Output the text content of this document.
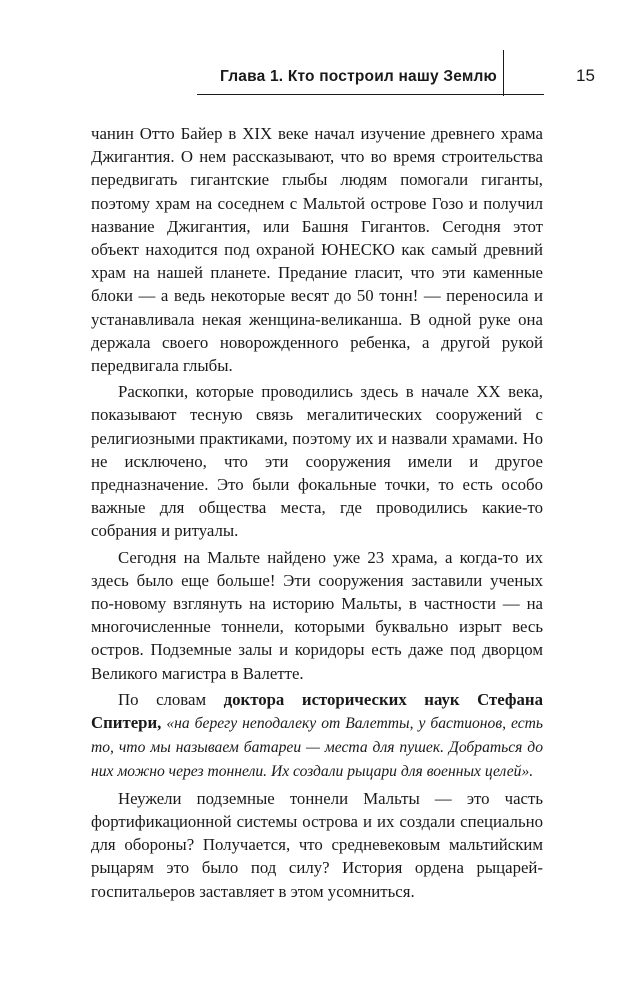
Глава 1. Кто построил нашу Землю	15

чанин Отто Байер в XIX веке начал изучение древнего храма Джигантия. О нем рассказывают, что во время строительства передвигать гигантские глыбы людям помогали гиганты, поэтому храм на соседнем с Мальтой острове Гозо и получил название Джигантия, или Башня Гигантов. Сегодня этот объект находится под охраной ЮНЕСКО как самый древний храм на нашей планете. Предание гласит, что эти каменные блоки — а ведь некоторые весят до 50 тонн! — переносила и устанавливала некая женщина-великанша. В одной руке она держала своего новорожденного ребенка, а другой рукой передвигала глыбы.

Раскопки, которые проводились здесь в начале XX века, показывают тесную связь мегалитических сооружений с религиозными практиками, поэтому их и назвали храмами. Но не исключено, что эти сооружения имели и другое предназначение. Это были фокальные точки, то есть особо важные для общества места, где проводились какие-то собрания и ритуалы.

Сегодня на Мальте найдено уже 23 храма, а когда-то их здесь было еще больше! Эти сооружения заставили ученых по-новому взглянуть на историю Мальты, в частности — на многочисленные тоннели, которыми буквально изрыт весь остров. Подземные залы и коридоры есть даже под дворцом Великого магистра в Валетте.

По словам доктора исторических наук Стефана Спитери, «на берегу неподалеку от Валетты, у бастионов, есть то, что мы называем батареи — места для пушек. Добраться до них можно через тоннели. Их создали рыцари для военных целей».

Неужели подземные тоннели Мальты — это часть фортификационной системы острова и их создали специально для обороны? Получается, что средневековым мальтийским рыцарям это было под силу? История ордена рыцарей-госпитальеров заставляет в этом усомниться.
